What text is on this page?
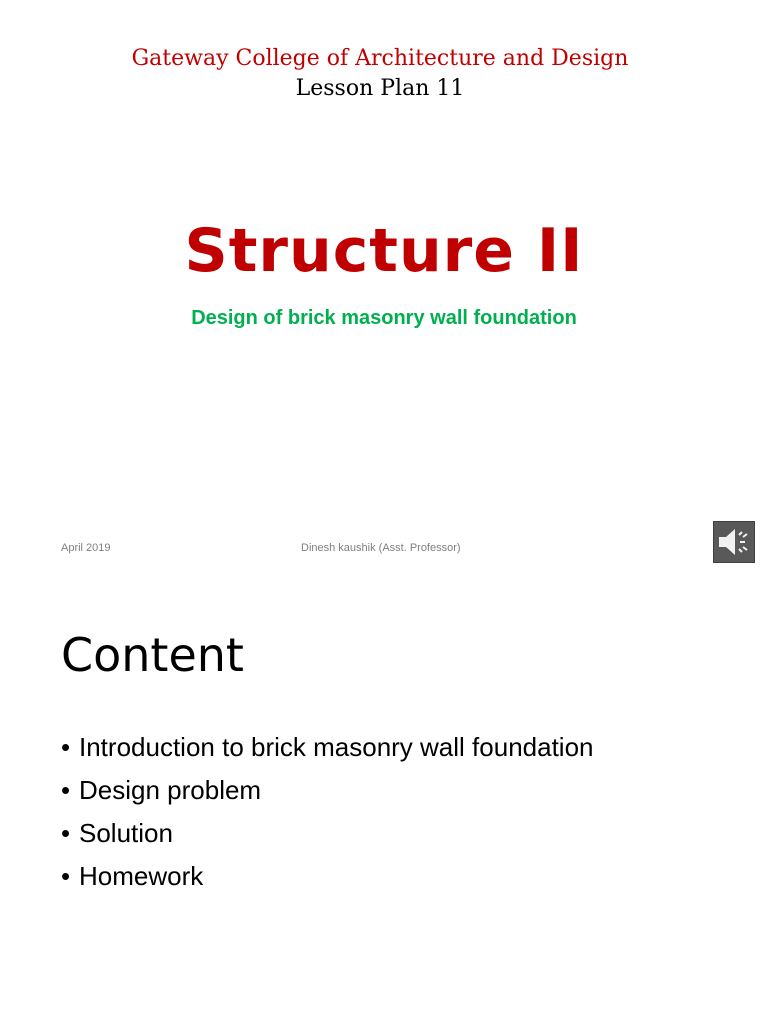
Gateway College of Architecture and Design
Lesson Plan 11
Structure II
Design of brick masonry wall foundation
April 2019	Dinesh kaushik (Asst. Professor)
Content
• Introduction to brick masonry wall foundation
• Design problem
• Solution
• Homework
